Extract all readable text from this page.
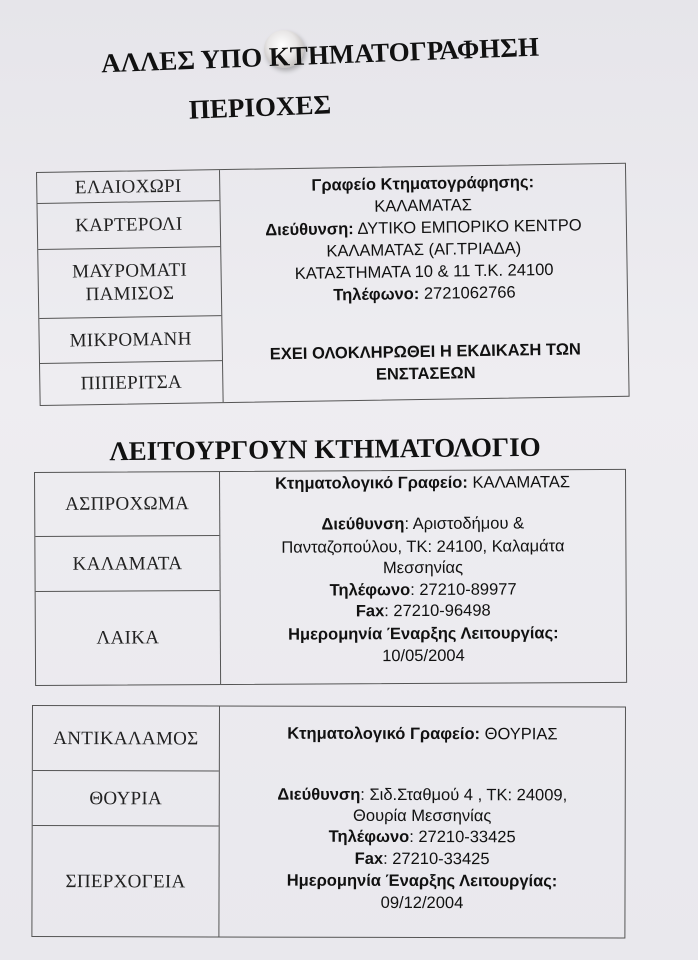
ΑΛΛΕΣ ΥΠΟ ΚΤΗΜΑΤΟΓΡΑΦΗΣΗ
ΠΕΡΙΟΧΕΣ
ΕΛΑΙΟΧΩΡΙ
ΚΑΡΤΕΡΟΛΙ
ΜΑΥΡΟΜΑΤΙ ΠΑΜΙΣΟΣ
ΜΙΚΡΟΜΑΝΗ
ΠΙΠΕΡΙΤΣΑ
Γραφείο Κτηματογράφησης:
ΚΑΛΑΜΑΤΑΣ
Διεύθυνση: ΔΥΤΙΚΟ ΕΜΠΟΡΙΚΟ ΚΕΝΤΡΟ
ΚΑΛΑΜΑΤΑΣ (ΑΓ.ΤΡΙΑΔΑ)
ΚΑΤΑΣΤΗΜΑΤΑ 10 & 11 Τ.Κ. 24100
Τηλέφωνο: 2721062766
ΕΧΕΙ ΟΛΟΚΛΗΡΩΘΕΙ Η ΕΚΔΙΚΑΣΗ ΤΩΝ
ΕΝΣΤΑΣΕΩΝ
ΛΕΙΤΟΥΡΓΟΥΝ ΚΤΗΜΑΤΟΛΟΓΙΟ
ΑΣΠΡΟΧΩΜΑ
ΚΑΛΑΜΑΤΑ
ΛΑΙΚΑ
Κτηματολογικό Γραφείο: ΚΑΛΑΜΑΤΑΣ
Διεύθυνση: Αριστοδήμου &
Πανταζοπούλου, ΤΚ: 24100, Καλαμάτα
Μεσσηνίας
Τηλέφωνο: 27210-89977
Fax: 27210-96498
Ημερομηνία Έναρξης Λειτουργίας:
10/05/2004
ΑΝΤΙΚΑΛΑΜΟΣ
ΘΟΥΡΙΑ
ΣΠΕΡΧΟΓΕΙΑ
Κτηματολογικό Γραφείο: ΘΟΥΡΙΑΣ
Διεύθυνση: Σιδ.Σταθμού 4 , ΤΚ: 24009,
Θουρία Μεσσηνίας
Τηλέφωνο: 27210-33425
Fax: 27210-33425
Ημερομηνία Έναρξης Λειτουργίας:
09/12/2004
